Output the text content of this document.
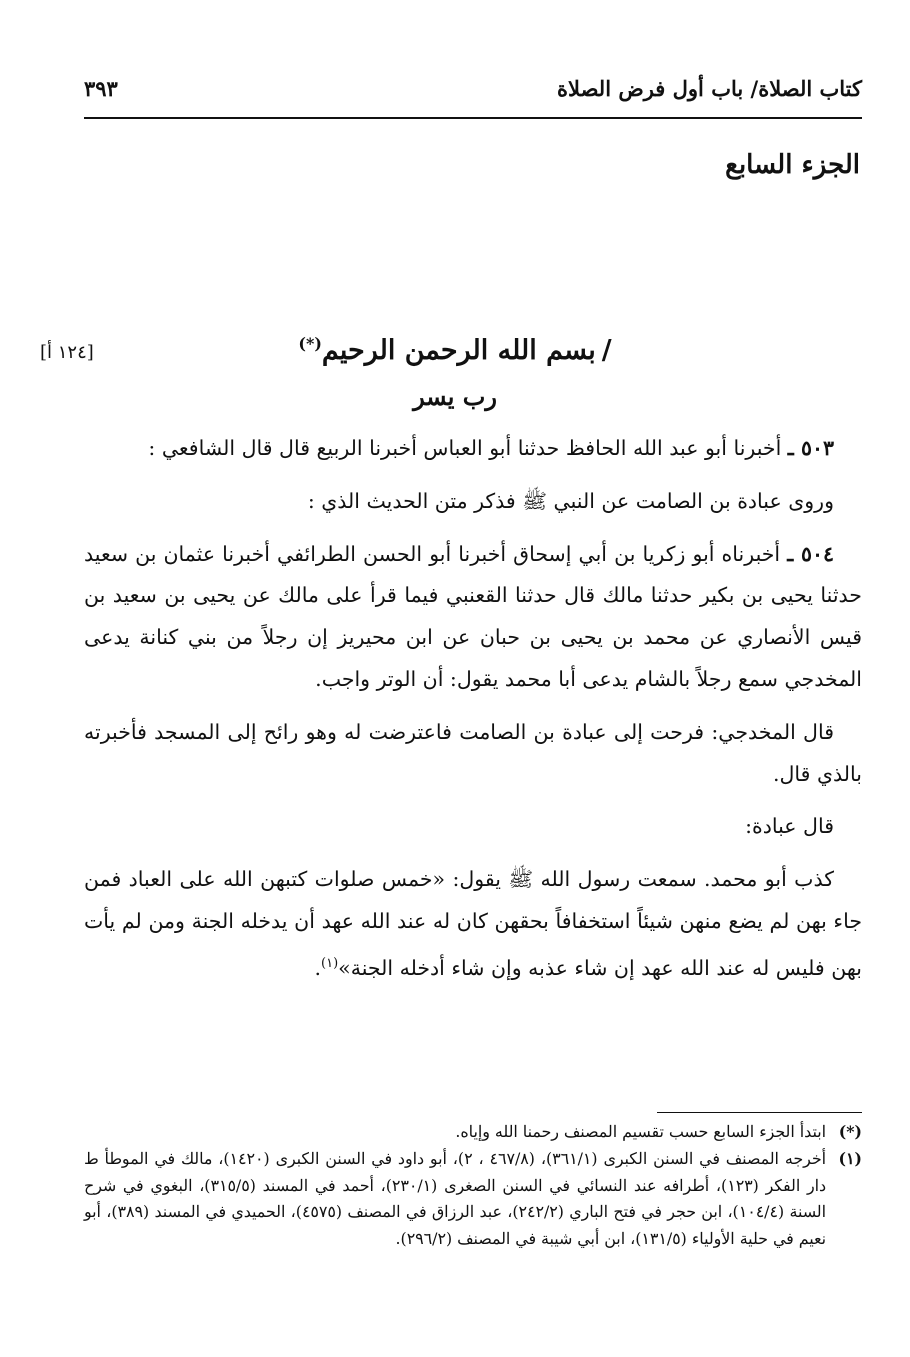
كتاب الصلاة/ باب أول فرض الصلاة
٣٩٣
الجزء السابع
[١٢٤ أ]	/بسم الله الرحمن الرحيم(*)
رب يسر

٥٠٣ ـ أخبرنا أبو عبد الله الحافظ حدثنا أبو العباس أخبرنا الربيع قال قال الشافعي :

وروى عبادة بن الصامت عن النبي ﷺ فذكر متن الحديث الذي :

٥٠٤ ـ أخبرناه أبو زكريا بن أبي إسحاق أخبرنا أبو الحسن الطرائفي أخبرنا عثمان بن سعيد حدثنا يحيى بن بكير حدثنا مالك قال حدثنا القعنبي فيما قرأ على مالك عن يحيى بن سعيد بن قيس الأنصاري عن محمد بن يحيى بن حبان عن ابن محيريز إن رجلاً من بني كنانة يدعى المخدجي سمع رجلاً بالشام يدعى أبا محمد يقول: أن الوتر واجب.

قال المخدجي: فرحت إلى عبادة بن الصامت فاعترضت له وهو رائح إلى المسجد فأخبرته بالذي قال.

قال عبادة:

كذب أبو محمد. سمعت رسول الله ﷺ يقول: «خمس صلوات كتبهن الله على العباد فمن جاء بهن لم يضع منهن شيئاً استخفافاً بحقهن كان له عند الله عهد أن يدخله الجنة ومن لم يأت بهن فليس له عند الله عهد إن شاء عذبه وإن شاء أدخله الجنة»$^{(١)}$.

(*)
ابتدأ الجزء السابع حسب تقسيم المصنف رحمنا الله وإياه.
(١)
أخرجه المصنف في السنن الكبرى (٣٦١/١)، (٤٦٧/٨ ، ٢)، أبو داود في السنن الكبرى (١٤٢٠)، مالك في الموطأ ط دار الفكر (١٢٣)، أطرافه عند النسائي في السنن الصغرى (٢٣٠/١)، أحمد في المسند (٣١٥/٥)، البغوي في شرح السنة (١٠٤/٤)، ابن حجر في فتح الباري (٢٤٢/٢)، عبد الرزاق في المصنف (٤٥٧٥)، الحميدي في المسند (٣٨٩)، أبو نعيم في حلية الأولياء (١٣١/٥)، ابن أبي شيبة في المصنف (٢٩٦/٢).
